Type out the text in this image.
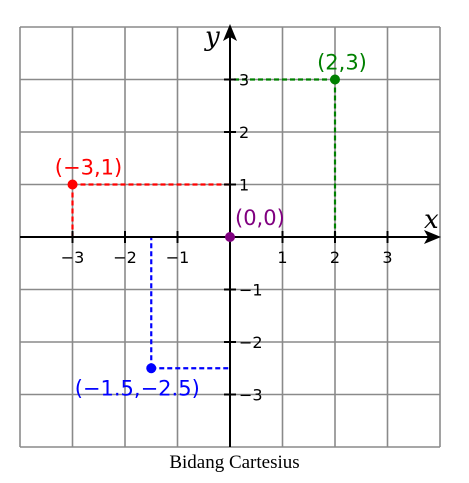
x
y
−3 −2 −1	1	2	3
3
2
1
−1
−2
−3
(0,0)
(2,3)
(−3,1)
(−1.5,−2.5)
Bidang Cartesius
